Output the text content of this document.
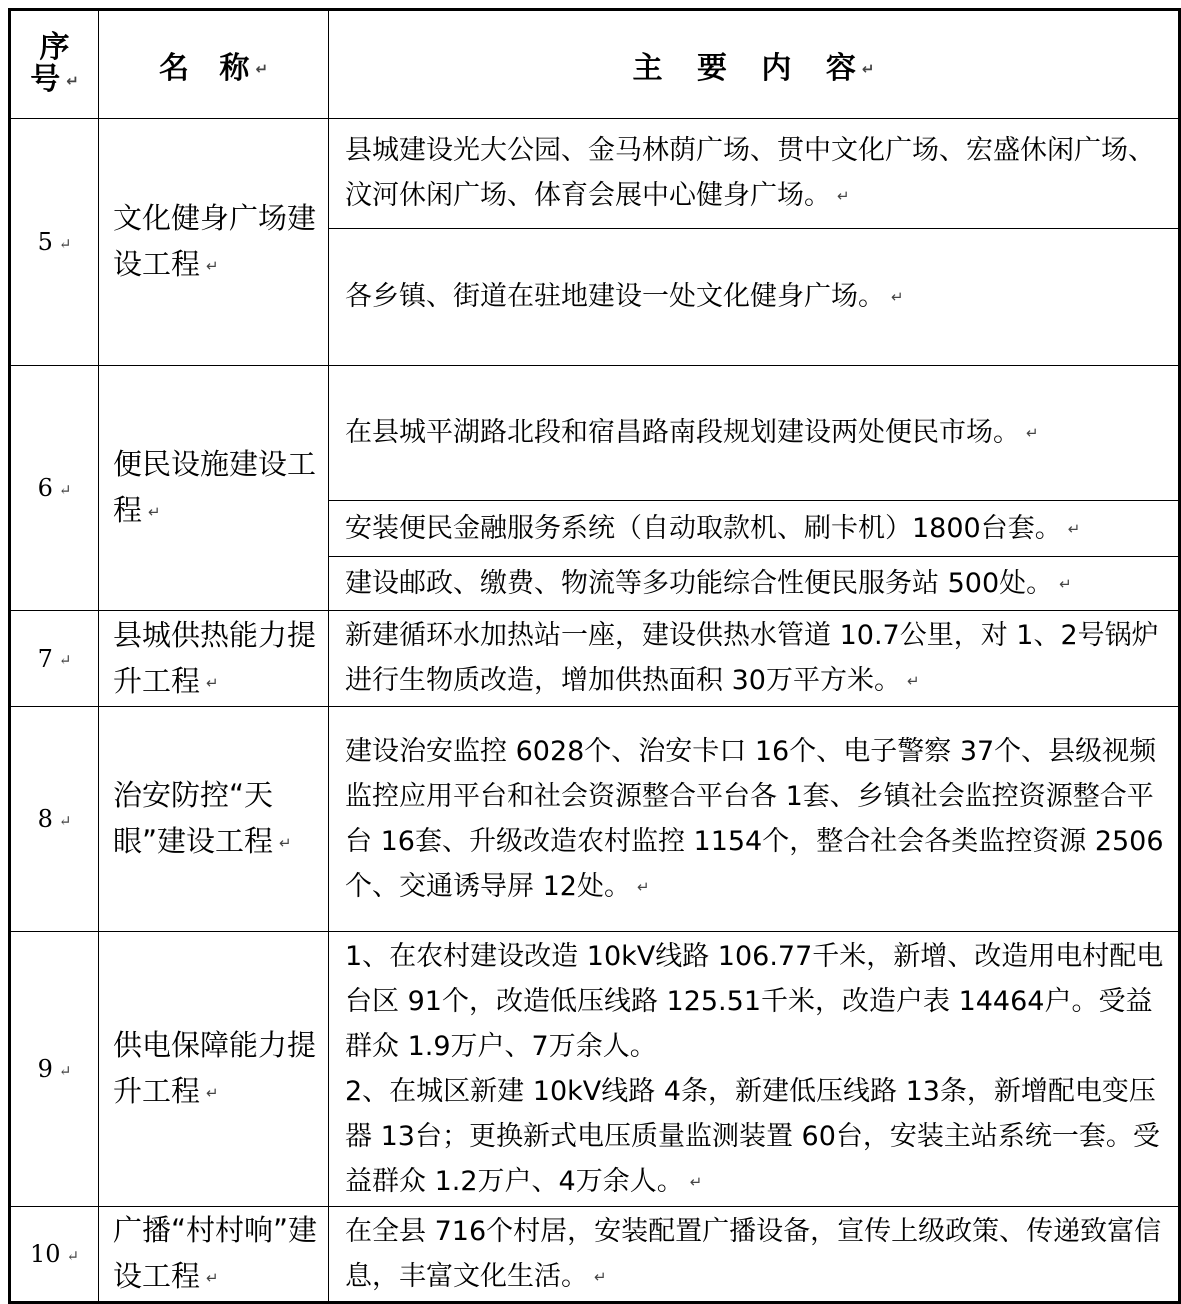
序
号 ↵	名 称 ↵	主 要 内 容 ↵
5 ↵	文化健身广场建设工程 ↵	县城建设光大公园、金马林荫广场、贯中文化广场、宏盛休闲广场、汶河休闲广场、体育会展中心健身广场。 ↵
		各乡镇、街道在驻地建设一处文化健身广场。 ↵
6 ↵	便民设施建设工程 ↵	在县城平湖路北段和宿昌路南段规划建设两处便民市场。 ↵
		安装便民金融服务系统（自动取款机、刷卡机）1800台套。 ↵
		建设邮政、缴费、物流等多功能综合性便民服务站 500处。 ↵
7 ↵	县城供热能力提升工程 ↵	新建循环水加热站一座，建设供热水管道 10.7公里，对 1、2号锅炉进行生物质改造，增加供热面积 30万平方米。 ↵
8 ↵	治安防控“天眼”建设工程 ↵	建设治安监控 6028个、治安卡口 16个、电子警察 37个、县级视频监控应用平台和社会资源整合平台各 1套、乡镇社会监控资源整合平台 16套、升级改造农村监控 1154个，整合社会各类监控资源 2506个、交通诱导屏 12处。 ↵
9 ↵	供电保障能力提升工程 ↵	1、在农村建设改造 10kV线路 106.77千米，新增、改造用电村配电台区 91个，改造低压线路 125.51千米，改造户表 14464户。受益群众 1.9万户、7万余人。
2、在城区新建 10kV线路 4条，新建低压线路 13条，新增配电变压器 13台；更换新式电压质量监测装置 60台，安装主站系统一套。受益群众 1.2万户、4万余人。 ↵
10 ↵	广播“村村响”建设工程 ↵	在全县 716个村居，安装配置广播设备，宣传上级政策、传递致富信息，丰富文化生活。 ↵
